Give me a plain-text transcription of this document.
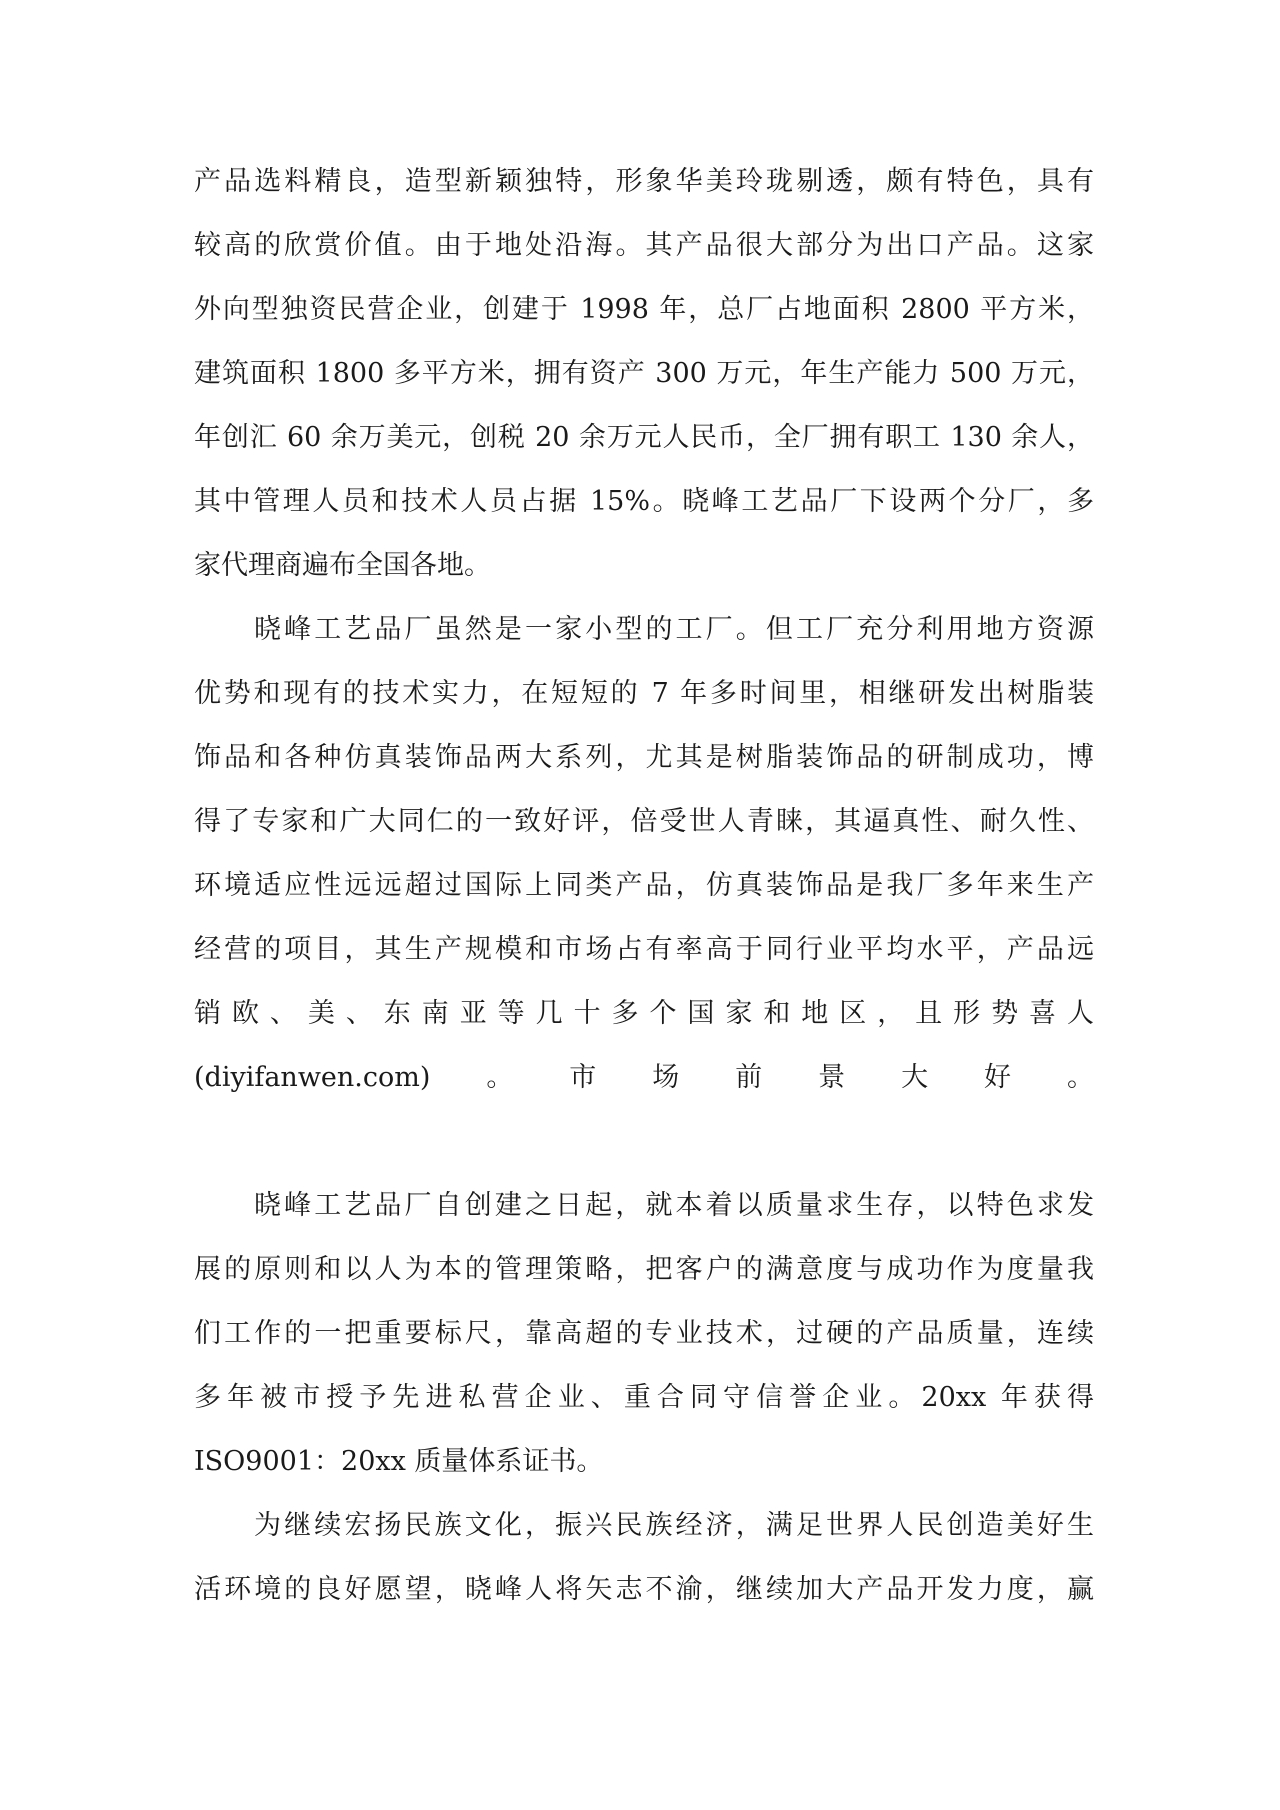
产品选料精良，造型新颖独特，形象华美玲珑剔透，颇有特色，具有
较高的欣赏价值。由于地处沿海。其产品很大部分为出口产品。这家
外向型独资民营企业，创建于 1998 年，总厂占地面积 2800 平方米，
建筑面积 1800 多平方米，拥有资产 300 万元，年生产能力 500 万元，
年创汇 60 余万美元，创税 20 余万元人民币，全厂拥有职工 130 余人，
其中管理人员和技术人员占据 15%。晓峰工艺品厂下设两个分厂，多
家代理商遍布全国各地。
晓峰工艺品厂虽然是一家小型的工厂。但工厂充分利用地方资源
优势和现有的技术实力，在短短的 7 年多时间里，相继研发出树脂装
饰品和各种仿真装饰品两大系列，尤其是树脂装饰品的研制成功，博
得了专家和广大同仁的一致好评，倍受世人青睐，其逼真性、耐久性、
环境适应性远远超过国际上同类产品，仿真装饰品是我厂多年来生产
经营的项目，其生产规模和市场占有率高于同行业平均水平，产品远
销欧、美、东南亚等几十多个国家和地区，且形势喜人
(diyifanwen.com)。市场前景大好。
晓峰工艺品厂自创建之日起，就本着以质量求生存，以特色求发
展的原则和以人为本的管理策略，把客户的满意度与成功作为度量我
们工作的一把重要标尺，靠高超的专业技术，过硬的产品质量，连续
多年被市授予先进私营企业、重合同守信誉企业。20xx 年获得
ISO9001：20xx 质量体系证书。
为继续宏扬民族文化，振兴民族经济，满足世界人民创造美好生
活环境的良好愿望，晓峰人将矢志不渝，继续加大产品开发力度，赢
